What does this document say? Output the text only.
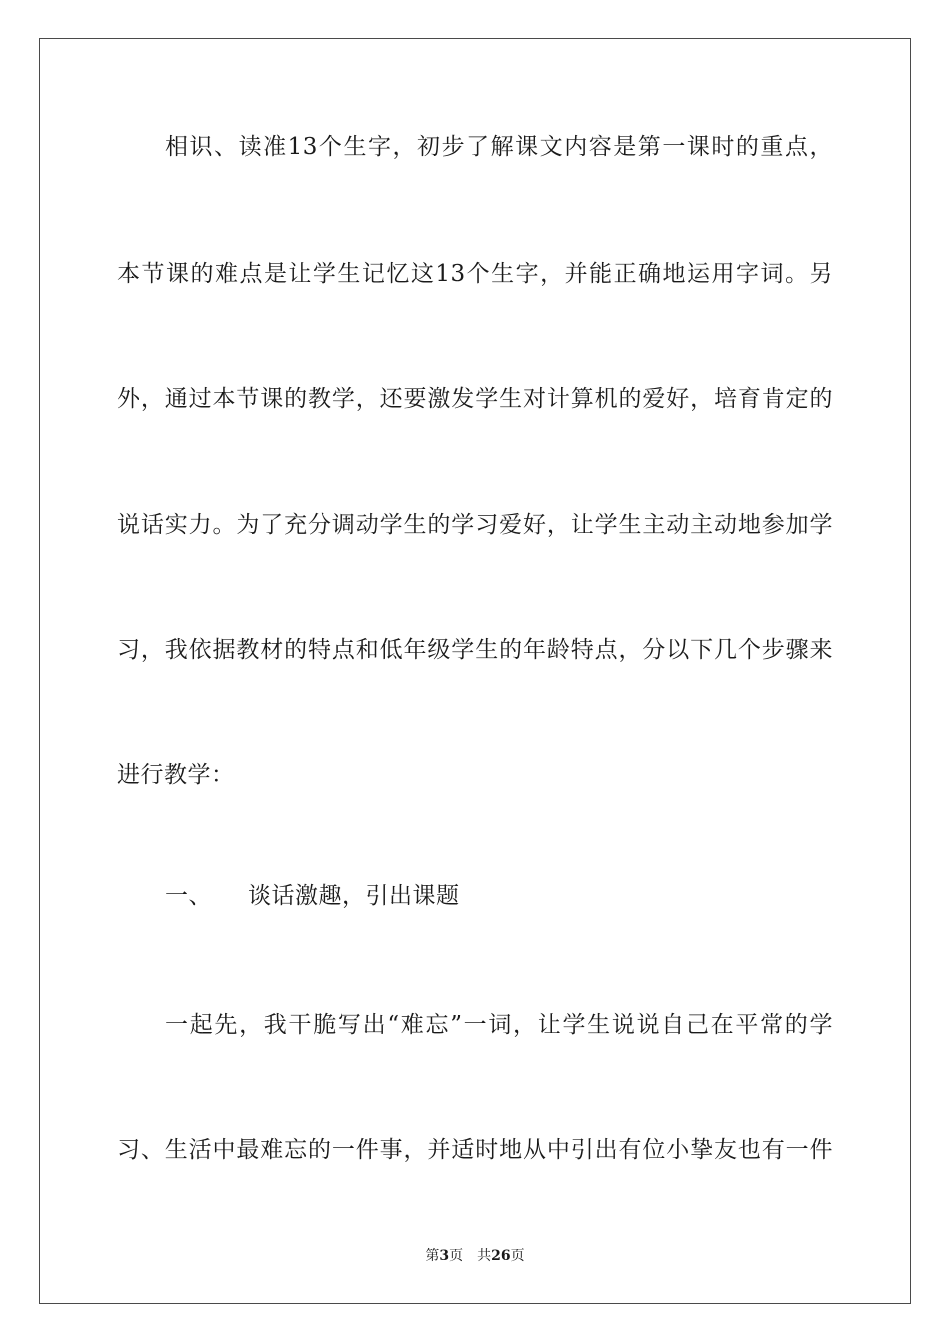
相识、读准13个生字，初步了解课文内容是第一课时的重点，
本节课的难点是让学生记忆这13个生字，并能正确地运用字词。另
外，通过本节课的教学，还要激发学生对计算机的爱好，培育肯定的
说话实力。为了充分调动学生的学习爱好，让学生主动主动地参加学
习，我依据教材的特点和低年级学生的年龄特点，分以下几个步骤来
进行教学：
一、 谈话激趣，引出课题
一起先，我干脆写出“难忘”一词，让学生说说自己在平常的学
习、生活中最难忘的一件事，并适时地从中引出有位小挚友也有一件
第3页 共26页
